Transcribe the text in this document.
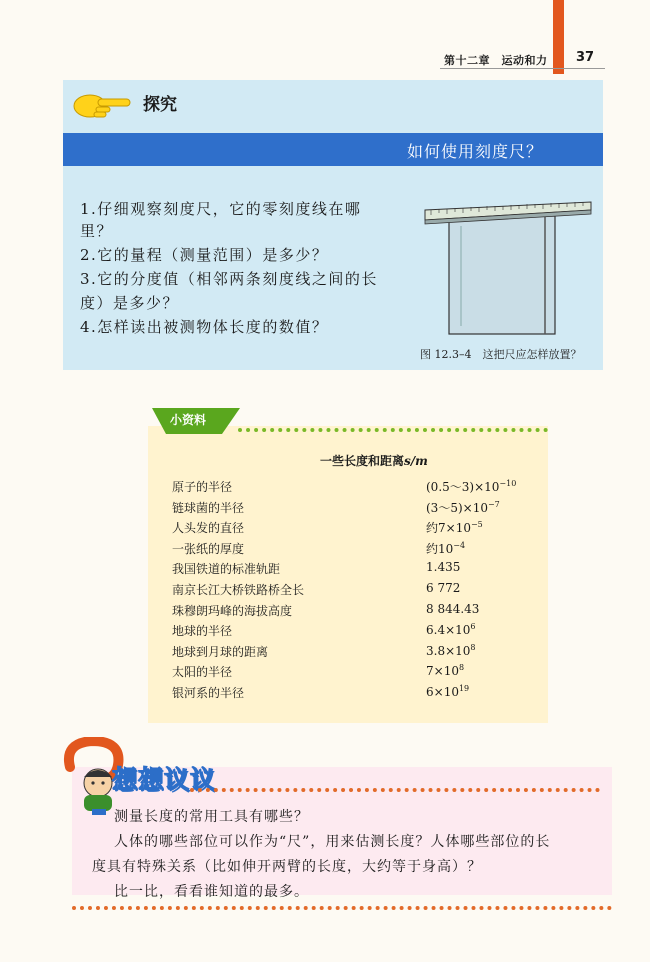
第十二章　运动和力 37
探究
如何使用刻度尺？
1.仔细观察刻度尺，它的零刻度线在哪
里？
2.它的量程（测量范围）是多少？
3.它的分度值（相邻两条刻度线之间的长
度）是多少？
4.怎样读出被测物体长度的数值？
图 12.3–4　这把尺应怎样放置？
小资料
一些长度和距离s/m
原子的半径	$(0.5\sim 3)\times 10^{-10}$
链球菌的半径	$(3\sim 5)\times 10^{-7}$
人头发的直径	约$7\times 10^{-5}$
一张纸的厚度	约$10^{-4}$
我国铁道的标准轨距	1.435
南京长江大桥铁路桥全长	6 772
珠穆朗玛峰的海拔高度	8 844.43
地球的半径	$6.4\times 10^6$
地球到月球的距离	$3.8\times 10^8$
太阳的半径	$7\times 10^8$
银河系的半径	$6\times 10^{19}$
想想议议
测量长度的常用工具有哪些？
人体的哪些部位可以作为“尺”，用来估测长度？人体哪些部位的长
度具有特殊关系（比如伸开两臂的长度，大约等于身高）？
比一比，看看谁知道的最多。
